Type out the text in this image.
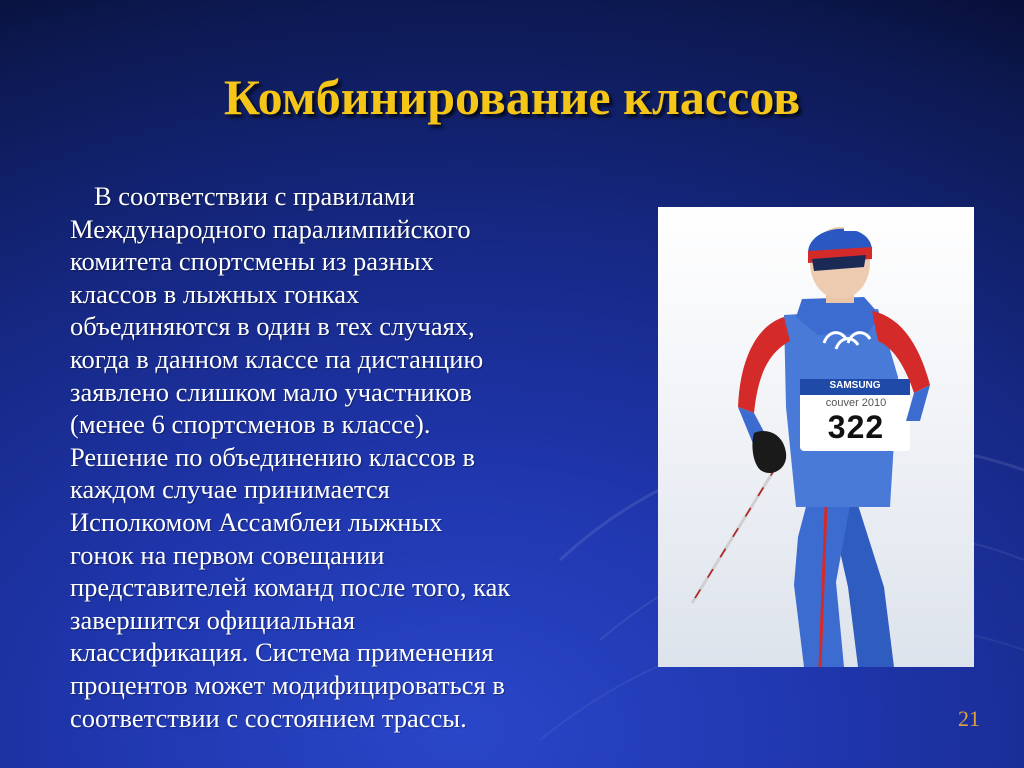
Комбинирование классов
В соответствии с правилами
Международного паралимпийского
комитета спортсмены из разных
классов в лыжных гонках
объединяются в один в тех случаях,
когда в данном классе па дистанцию
заявлено слишком мало участников
(менее 6 спортсменов в классе).
Решение по объединению классов в
каждом случае принимается
Исполкомом Ассамблеи лыжных
гонок на первом совещании
представителей команд после того, как
завершится официальная
классификация. Система применения
процентов может модифицироваться в
соответствии с состоянием трассы.
SAMSUNG
couver 2010
322
21
